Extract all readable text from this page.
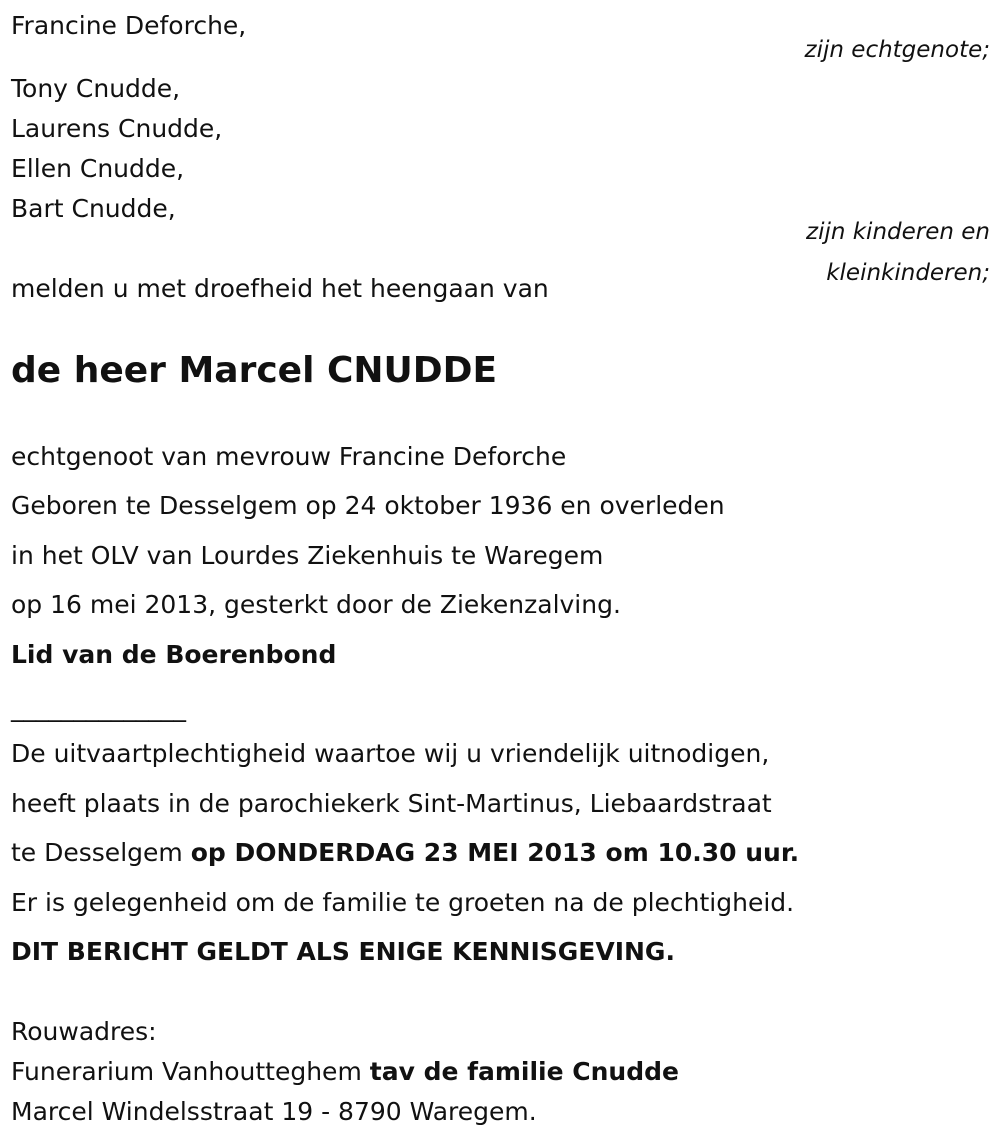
Francine Deforche,
zijn echtgenote;
Tony Cnudde,
Laurens Cnudde,
Ellen Cnudde,
Bart Cnudde,
zijn kinderen en
kleinkinderen;
melden u met droefheid het heengaan van
de heer Marcel CNUDDE
echtgenoot van mevrouw Francine Deforche
Geboren te Desselgem op 24 oktober 1936 en overleden
in het OLV van Lourdes Ziekenhuis te Waregem
op 16 mei 2013, gesterkt door de Ziekenzalving.
Lid van de Boerenbond
______________
De uitvaartplechtigheid waartoe wij u vriendelijk uitnodigen,
heeft plaats in de parochiekerk Sint-Martinus, Liebaardstraat
te Desselgem op DONDERDAG 23 MEI 2013 om 10.30 uur.
Er is gelegenheid om de familie te groeten na de plechtigheid.
DIT BERICHT GELDT ALS ENIGE KENNISGEVING.
Rouwadres:
Funerarium Vanhoutteghem tav de familie Cnudde
Marcel Windelsstraat 19 - 8790 Waregem.
